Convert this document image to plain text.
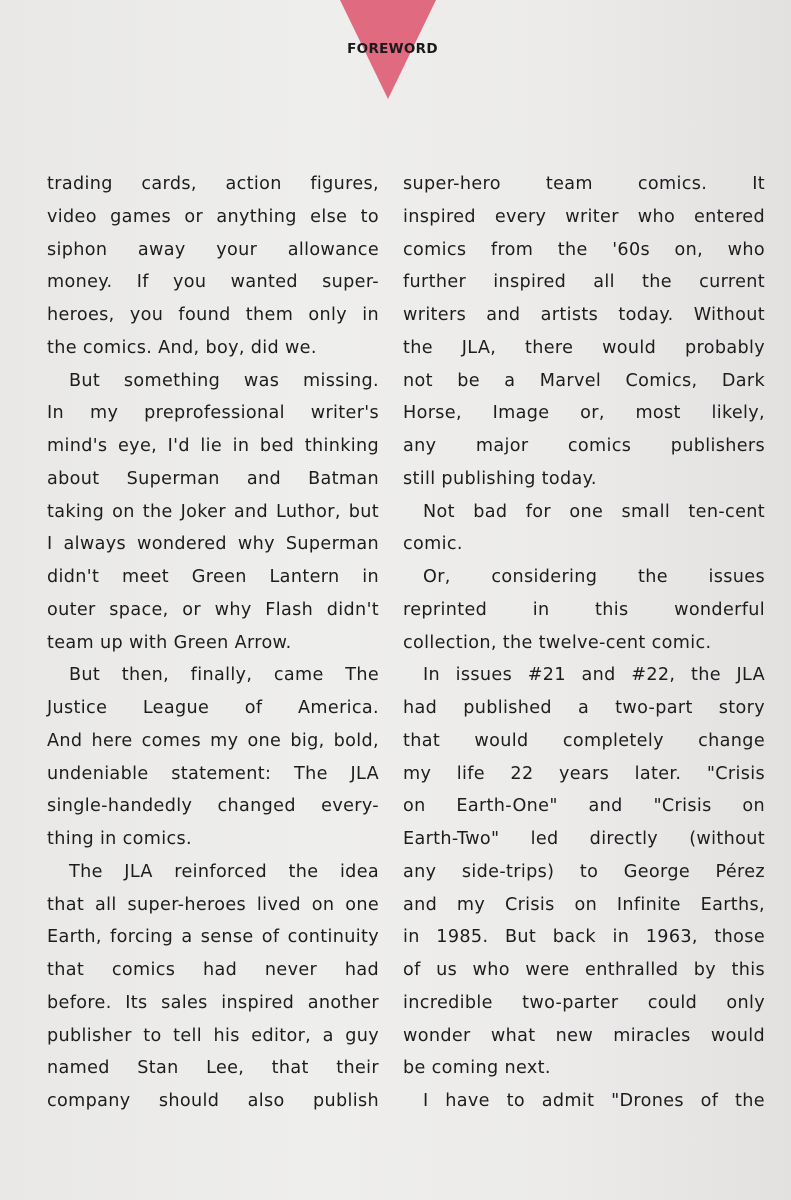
FOREWORD
trading cards, action figures,
video games or anything else to
siphon away your allowance
money. If you wanted super-
heroes, you found them only in
the comics. And, boy, did we.
But something was missing.
In my preprofessional writer's
mind's eye, I'd lie in bed thinking
about Superman and Batman
taking on the Joker and Luthor, but
I always wondered why Superman
didn't meet Green Lantern in
outer space, or why Flash didn't
team up with Green Arrow.
But then, finally, came The
Justice League of America.
And here comes my one big, bold,
undeniable statement: The JLA
single-handedly changed every-
thing in comics.
The JLA reinforced the idea
that all super-heroes lived on one
Earth, forcing a sense of continuity
that comics had never had
before. Its sales inspired another
publisher to tell his editor, a guy
named Stan Lee, that their
company should also publish
super-hero team comics. It
inspired every writer who entered
comics from the '60s on, who
further inspired all the current
writers and artists today. Without
the JLA, there would probably
not be a Marvel Comics, Dark
Horse, Image or, most likely,
any major comics publishers
still publishing today.
Not bad for one small ten-cent
comic.
Or, considering the issues
reprinted in this wonderful
collection, the twelve-cent comic.
In issues #21 and #22, the JLA
had published a two-part story
that would completely change
my life 22 years later. "Crisis
on Earth-One" and "Crisis on
Earth-Two" led directly (without
any side-trips) to George Pérez
and my Crisis on Infinite Earths,
in 1985. But back in 1963, those
of us who were enthralled by this
incredible two-parter could only
wonder what new miracles would
be coming next.
I have to admit "Drones of the
